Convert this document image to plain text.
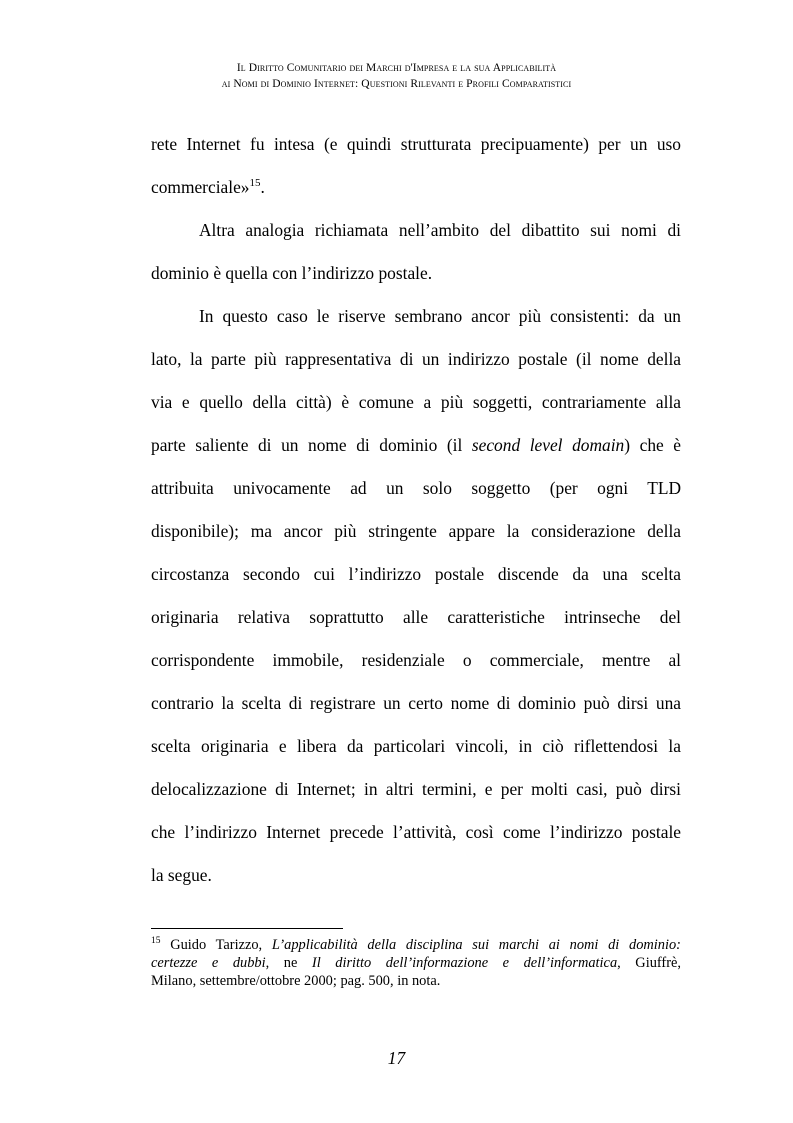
Il Diritto Comunitario dei Marchi d'Impresa e la sua Applicabilità
ai Nomi di Dominio Internet: Questioni Rilevanti e Profili Comparatistici
rete Internet fu intesa (e quindi strutturata precipuamente) per un uso
commerciale»$^{15}$.
Altra analogia richiamata nell’ambito del dibattito sui nomi di
dominio è quella con l’indirizzo postale.
In questo caso le riserve sembrano ancor più consistenti: da un
lato, la parte più rappresentativa di un indirizzo postale (il nome della
via e quello della città) è comune a più soggetti, contrariamente alla
parte saliente di un nome di dominio (il second level domain) che è
attribuita univocamente ad un solo soggetto (per ogni TLD
disponibile); ma ancor più stringente appare la considerazione della
circostanza secondo cui l’indirizzo postale discende da una scelta
originaria relativa soprattutto alle caratteristiche intrinseche del
corrispondente immobile, residenziale o commerciale, mentre al
contrario la scelta di registrare un certo nome di dominio può dirsi una
scelta originaria e libera da particolari vincoli, in ciò riflettendosi la
delocalizzazione di Internet; in altri termini, e per molti casi, può dirsi
che l’indirizzo Internet precede l’attività, così come l’indirizzo postale
la segue.
$^{15}$ Guido Tarizzo, L’applicabilità della disciplina sui marchi ai nomi di dominio:
certezze e dubbi, ne Il diritto dell’informazione e dell’informatica, Giuffrè,
Milano, settembre/ottobre 2000; pag. 500, in nota.
17
